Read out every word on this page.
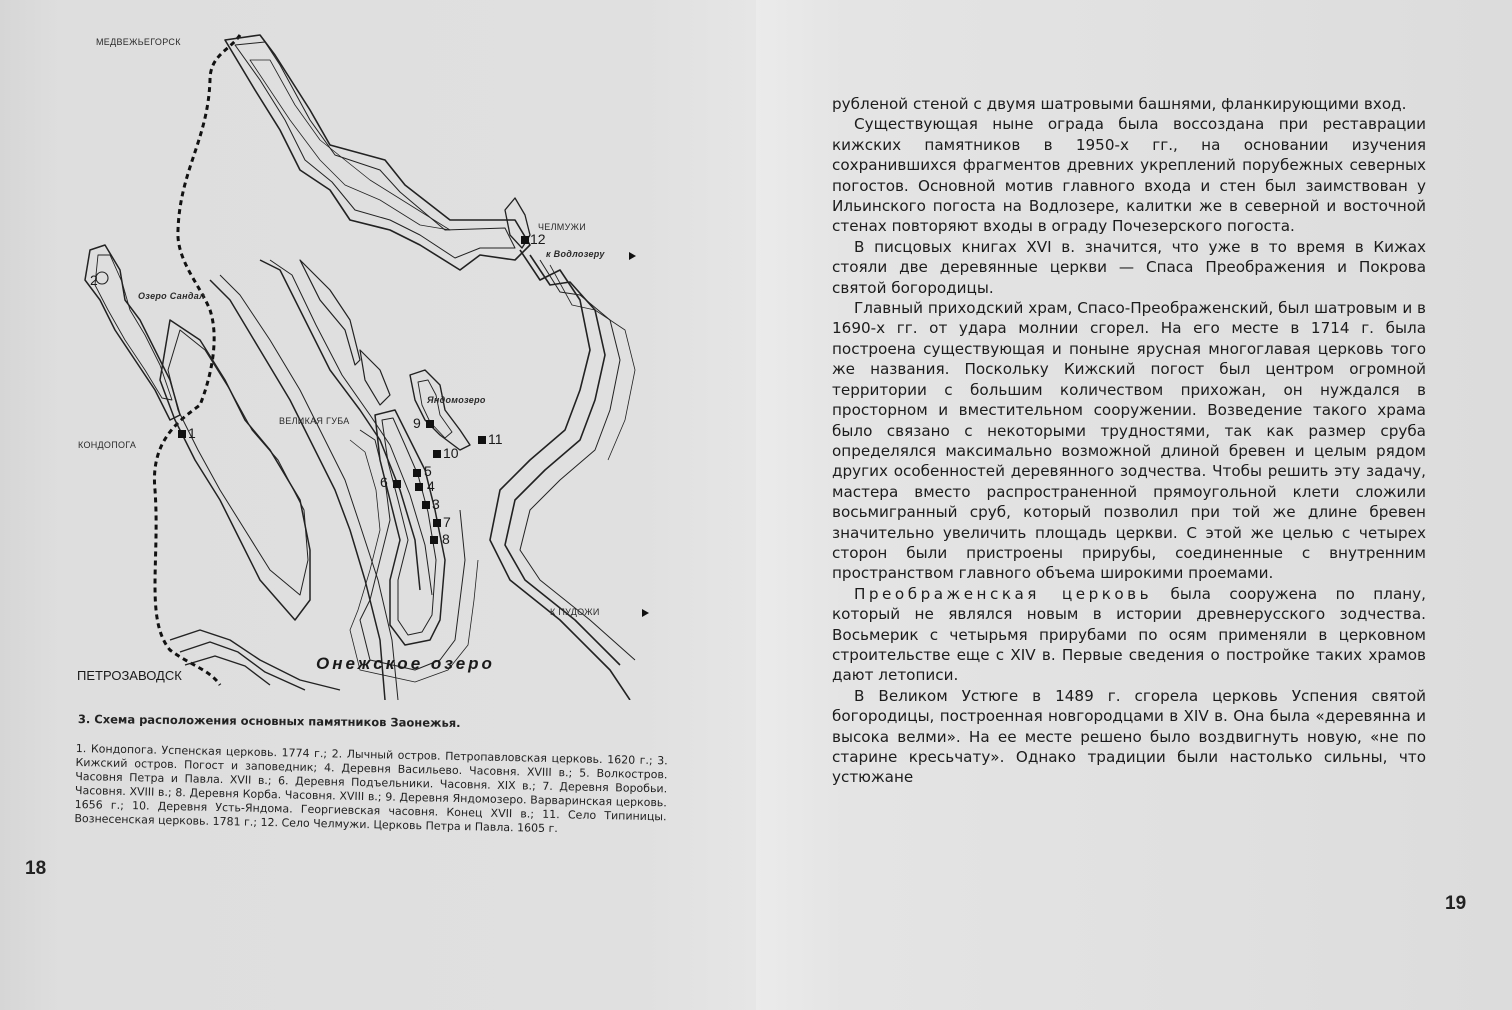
МЕДВЕЖЬЕГОРСК
ЧЕЛМУЖИ
к Водлозеру
Озеро Сандал
Яндомозеро
ВЕЛИКАЯ ГУБА
КОНДОПОГА
К ПУДОЖИ
ПЕТРОЗАВОДСК
Онежское озеро
1
2
3
4
5
6
7
8
9
10
11
12
3. Схема расположения основных памятников Заонежья.
1. Кондопога. Успенская церковь. 1774 г.; 2. Лычный остров. Петропавловская церковь. 1620 г.; 3. Кижский остров. Погост и заповедник; 4. Деревня Васильево. Часовня. XVIII в.; 5. Волкостров. Часовня Петра и Павла. XVII в.; 6. Деревня Подъельники. Часовня. XIX в.; 7. Деревня Воробьи. Часовня. XVIII в.; 8. Деревня Корба. Часовня. XVIII в.; 9. Деревня Яндомозеро. Варваринская церковь. 1656 г.; 10. Деревня Усть-Яндома. Георгиевская часовня. Конец XVII в.; 11. Село Типиницы. Вознесенская церковь. 1781 г.; 12. Село Челмужи. Церковь Петра и Павла. 1605 г.
18
19

рубленой стеной с двумя шатровыми башнями, фланкирующими вход.

Существующая ныне ограда была воссоздана при реставрации кижских памятников в 1950-х гг., на основании изучения сохранившихся фрагментов древних укреплений порубежных северных погостов. Основной мотив главного входа и стен был заимствован у Ильинского погоста на Водлозере, калитки же в северной и восточной стенах повторяют входы в ограду Почезерского погоста.

В писцовых книгах XVI в. значится, что уже в то время в Кижах стояли две деревянные церкви — Спаса Преображения и Покрова святой богородицы.

Главный приходский храм, Спасо-Преображенский, был шатровым и в 1690-х гг. от удара молнии сгорел. На его месте в 1714 г. была построена существующая и поныне ярусная многоглавая церковь того же названия. Поскольку Кижский погост был центром огромной территории с большим количеством прихожан, он нуждался в просторном и вместительном сооружении. Возведение такого храма было связано с некоторыми трудностями, так как размер сруба определялся максимально возможной длиной бревен и целым рядом других особенностей деревянного зодчества. Чтобы решить эту задачу, мастера вместо распространенной прямоугольной клети сложили восьмигранный сруб, который позволил при той же длине бревен значительно увеличить площадь церкви. С этой же целью с четырех сторон были пристроены прирубы, соединенные с внутренним пространством главного объема широкими проемами.

Преображенская церковь была сооружена по плану, который не являлся новым в истории древнерусского зодчества. Восьмерик с четырьмя прирубами по осям применяли в церковном строительстве еще с XIV в. Первые сведения о постройке таких храмов дают летописи.

В Великом Устюге в 1489 г. сгорела церковь Успения святой богородицы, построенная новгородцами в XIV в. Она была «деревянна и высока велми». На ее месте решено было воздвигнуть новую, «не по старине кресьчату». Однако традиции были настолько сильны, что устюжане
